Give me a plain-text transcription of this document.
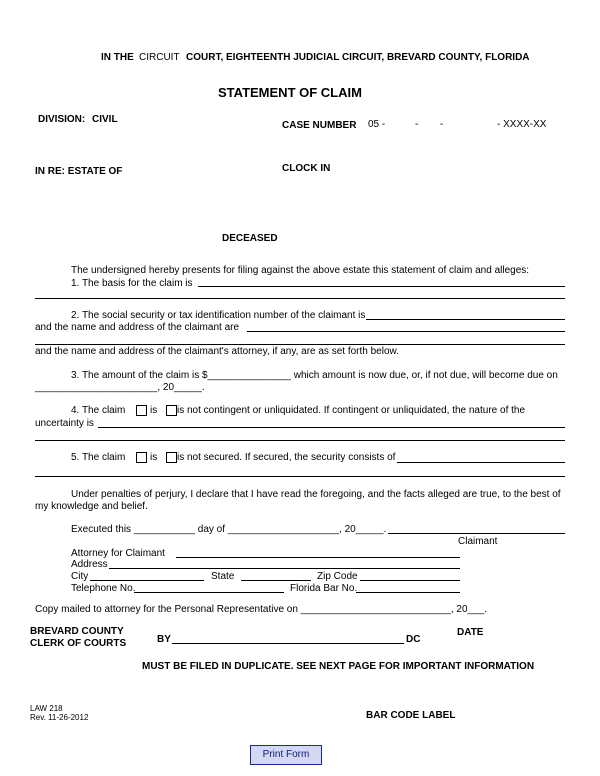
IN THE CIRCUIT COURT, EIGHTEENTH JUDICIAL CIRCUIT, BREVARD COUNTY, FLORIDA
STATEMENT OF CLAIM
DIVISION: CIVIL
CASE NUMBER 05 -	- -	- XXXX-XX
IN RE: ESTATE OF	CLOCK IN
DECEASED
The undersigned hereby presents for filing against the above estate this statement of claim and alleges:
1. The basis for the claim is
2. The social security or tax identification number of the claimant is
and the name and address of the claimant are
and the name and address of the claimant's attorney, if any, are as set forth below.
3. The amount of the claim is $_______________ which amount is now due, or, if not due, will become due on
______________________, 20_____.
4. The claim is is not contingent or unliquidated. If contingent or unliquidated, the nature of the
uncertainty is
5. The claim is is not secured. If secured, the security consists of
Under penalties of perjury, I declare that I have read the foregoing, and the facts alleged are true, to the best of
my knowledge and belief.
Executed this ___________ day of ____________________, 20_____.
Claimant
Attorney for Claimant
Address
City	State	Zip Code
Telephone No.	Florida Bar No.
Copy mailed to attorney for the Personal Representative on ___________________________, 20___.
BREVARD COUNTY
CLERK OF COURTS	BY	DC
DATE
MUST BE FILED IN DUPLICATE. SEE NEXT PAGE FOR IMPORTANT INFORMATION
LAW 218
Rev. 11-26-2012	BAR CODE LABEL
Print Form
